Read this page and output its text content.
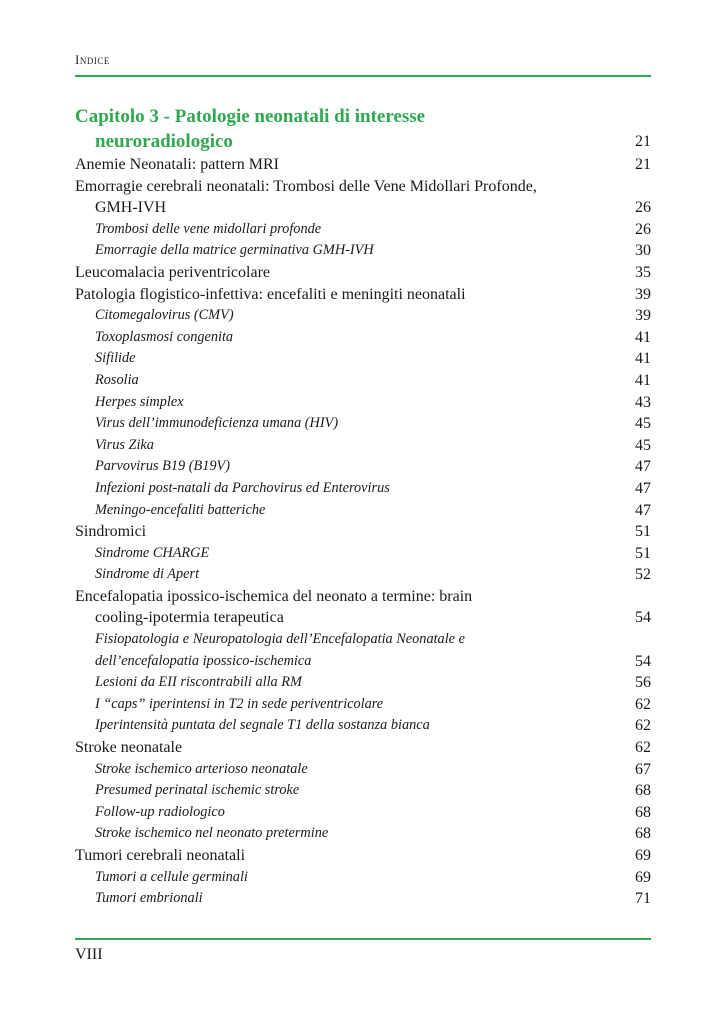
Indice
Capitolo 3 - Patologie neonatali di interesse
neuroradiologico	21
Anemie Neonatali: pattern MRI	21
Emorragie cerebrali neonatali: Trombosi delle Vene Midollari Profonde,
GMH-IVH	26
Trombosi delle vene midollari profonde	26
Emorragie della matrice germinativa GMH-IVH	30
Leucomalacia periventricolare	35
Patologia flogistico-infettiva: encefaliti e meningiti neonatali	39
Citomegalovirus (CMV)	39
Toxoplasmosi congenita	41
Sifilide	41
Rosolia	41
Herpes simplex	43
Virus dell’immunodeficienza umana (HIV)	45
Virus Zika	45
Parvovirus B19 (B19V)	47
Infezioni post-natali da Parchovirus ed Enterovirus	47
Meningo-encefaliti batteriche	47
Sindromici	51
Sindrome CHARGE	51
Sindrome di Apert	52
Encefalopatia ipossico-ischemica del neonato a termine: brain
cooling-ipotermia terapeutica	54
Fisiopatologia e Neuropatologia dell’Encefalopatia Neonatale e
dell’encefalopatia ipossico-ischemica	54
Lesioni da EII riscontrabili alla RM	56
I “caps” iperintensi in T2 in sede periventricolare	62
Iperintensità puntata del segnale T1 della sostanza bianca	62
Stroke neonatale	62
Stroke ischemico arterioso neonatale	67
Presumed perinatal ischemic stroke	68
Follow-up radiologico	68
Stroke ischemico nel neonato pretermine	68
Tumori cerebrali neonatali	69
Tumori a cellule germinali	69
Tumori embrionali	71
VIII
